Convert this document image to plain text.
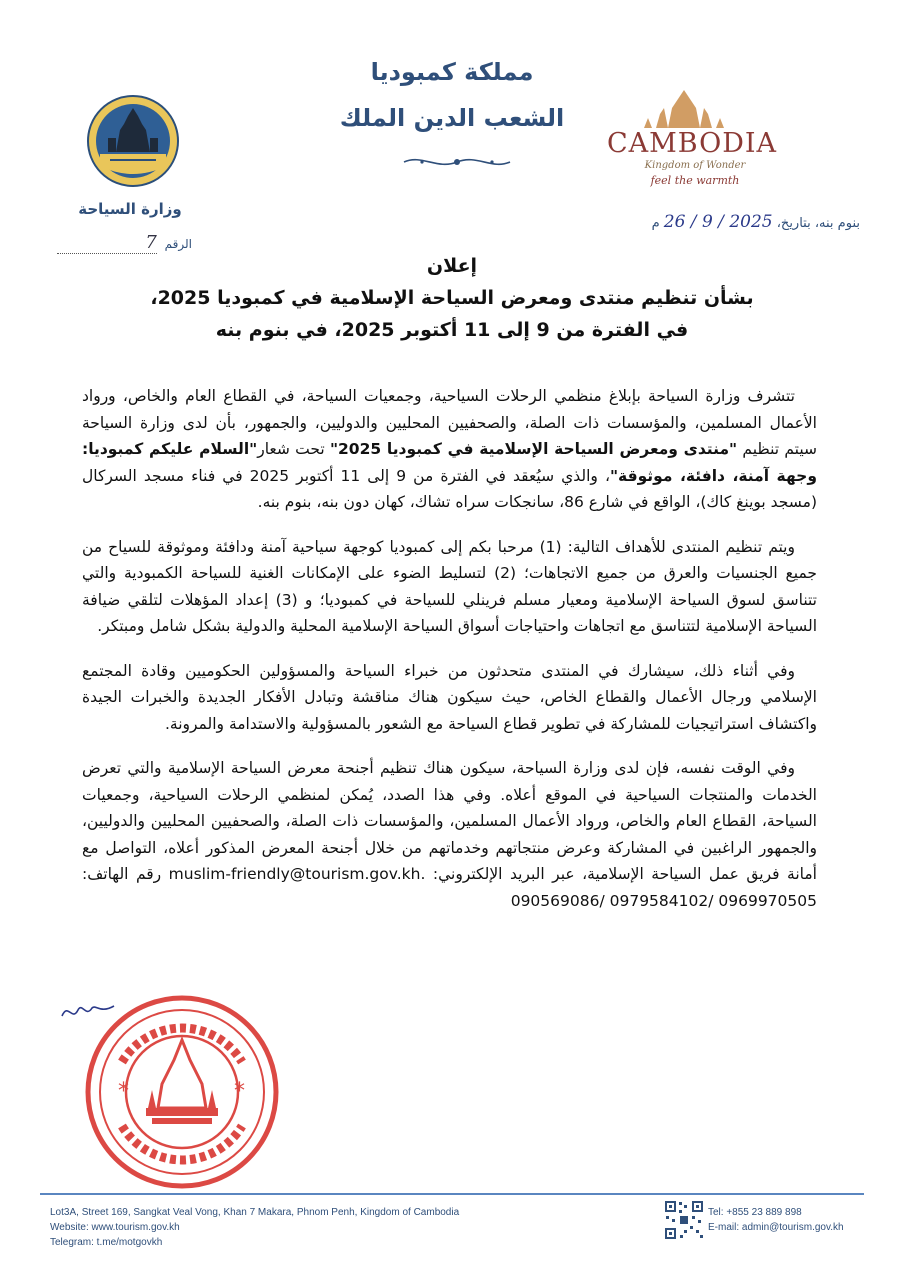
مملكة كمبوديا
الشعب الدين الملك
وزارة السياحة
الرقم 7
CAMBODIA
Kingdom of Wonder
feel the warmth
بنوم بنه، بتاريخ، 2025 / 9 / 26 م
إعلان
بشأن تنظيم منتدى ومعرض السياحة الإسلامية في كمبوديا 2025،
في الفترة من 9 إلى 11 أكتوبر 2025، في بنوم بنه

تتشرف وزارة السياحة بإبلاغ منظمي الرحلات السياحية، وجمعيات السياحة، في القطاع العام والخاص، ورواد الأعمال المسلمين، والمؤسسات ذات الصلة، والصحفيين المحليين والدوليين، والجمهور، بأن لدى وزارة السياحة سيتم تنظيم "منتدى ومعرض السياحة الإسلامية في كمبوديا 2025" تحت شعار"السلام عليكم كمبوديا: وجهة آمنة، دافئة، موثوقة"، والذي سيُعقد في الفترة من 9 إلى 11 أكتوبر 2025 في فناء مسجد السركال (مسجد بوينغ كاك)، الواقع في شارع 86، سانجكات سراه تشاك، كهان دون بنه، بنوم بنه.

ويتم تنظيم المنتدى للأهداف التالية: (1) مرحبا بكم إلى كمبوديا كوجهة سياحية آمنة ودافئة وموثوقة للسياح من جميع الجنسيات والعرق من جميع الاتجاهات؛ (2) لتسليط الضوء على الإمكانات الغنية للسياحة الكمبودية والتي تتناسق لسوق السياحة الإسلامية ومعيار مسلم فرينلي للسياحة في كمبوديا؛ و (3) إعداد المؤهلات لتلقي ضيافة السياحة الإسلامية لتتناسق مع اتجاهات واحتياجات أسواق السياحة الإسلامية المحلية والدولية بشكل شامل ومبتكر.

وفي أثناء ذلك، سيشارك في المنتدى متحدثون من خبراء السياحة والمسؤولين الحكوميين وقادة المجتمع الإسلامي ورجال الأعمال والقطاع الخاص، حيث سيكون هناك مناقشة وتبادل الأفكار الجديدة والخبرات الجيدة واكتشاف استراتيجيات للمشاركة في تطوير قطاع السياحة مع الشعور بالمسؤولية والاستدامة والمرونة.

وفي الوقت نفسه، فإن لدى وزارة السياحة، سيكون هناك تنظيم أجنحة معرض السياحة الإسلامية والتي تعرض الخدمات والمنتجات السياحية في الموقع أعلاه. وفي هذا الصدد، يُمكن لمنظمي الرحلات السياحية، وجمعيات السياحة، القطاع العام والخاص، ورواد الأعمال المسلمين، والمؤسسات ذات الصلة، والصحفيين المحليين والدوليين، والجمهور الراغبين في المشاركة وعرض منتجاتهم وخدماتهم من خلال أجنحة المعرض المذكور أعلاه، التواصل مع أمانة فريق عمل السياحة الإسلامية، عبر البريد الإلكتروني: muslim-friendly@tourism.gov.kh. رقم الهاتف: 090569086/ 0979584102/ 0969970505

*	*
Lot3A, Street 169, Sangkat Veal Vong, Khan 7 Makara, Phnom Penh, Kingdom of Cambodia
Website: www.tourism.gov.kh
Telegram: t.me/motgovkh
Tel: +855 23 889 898
E-mail: admin@tourism.gov.kh
